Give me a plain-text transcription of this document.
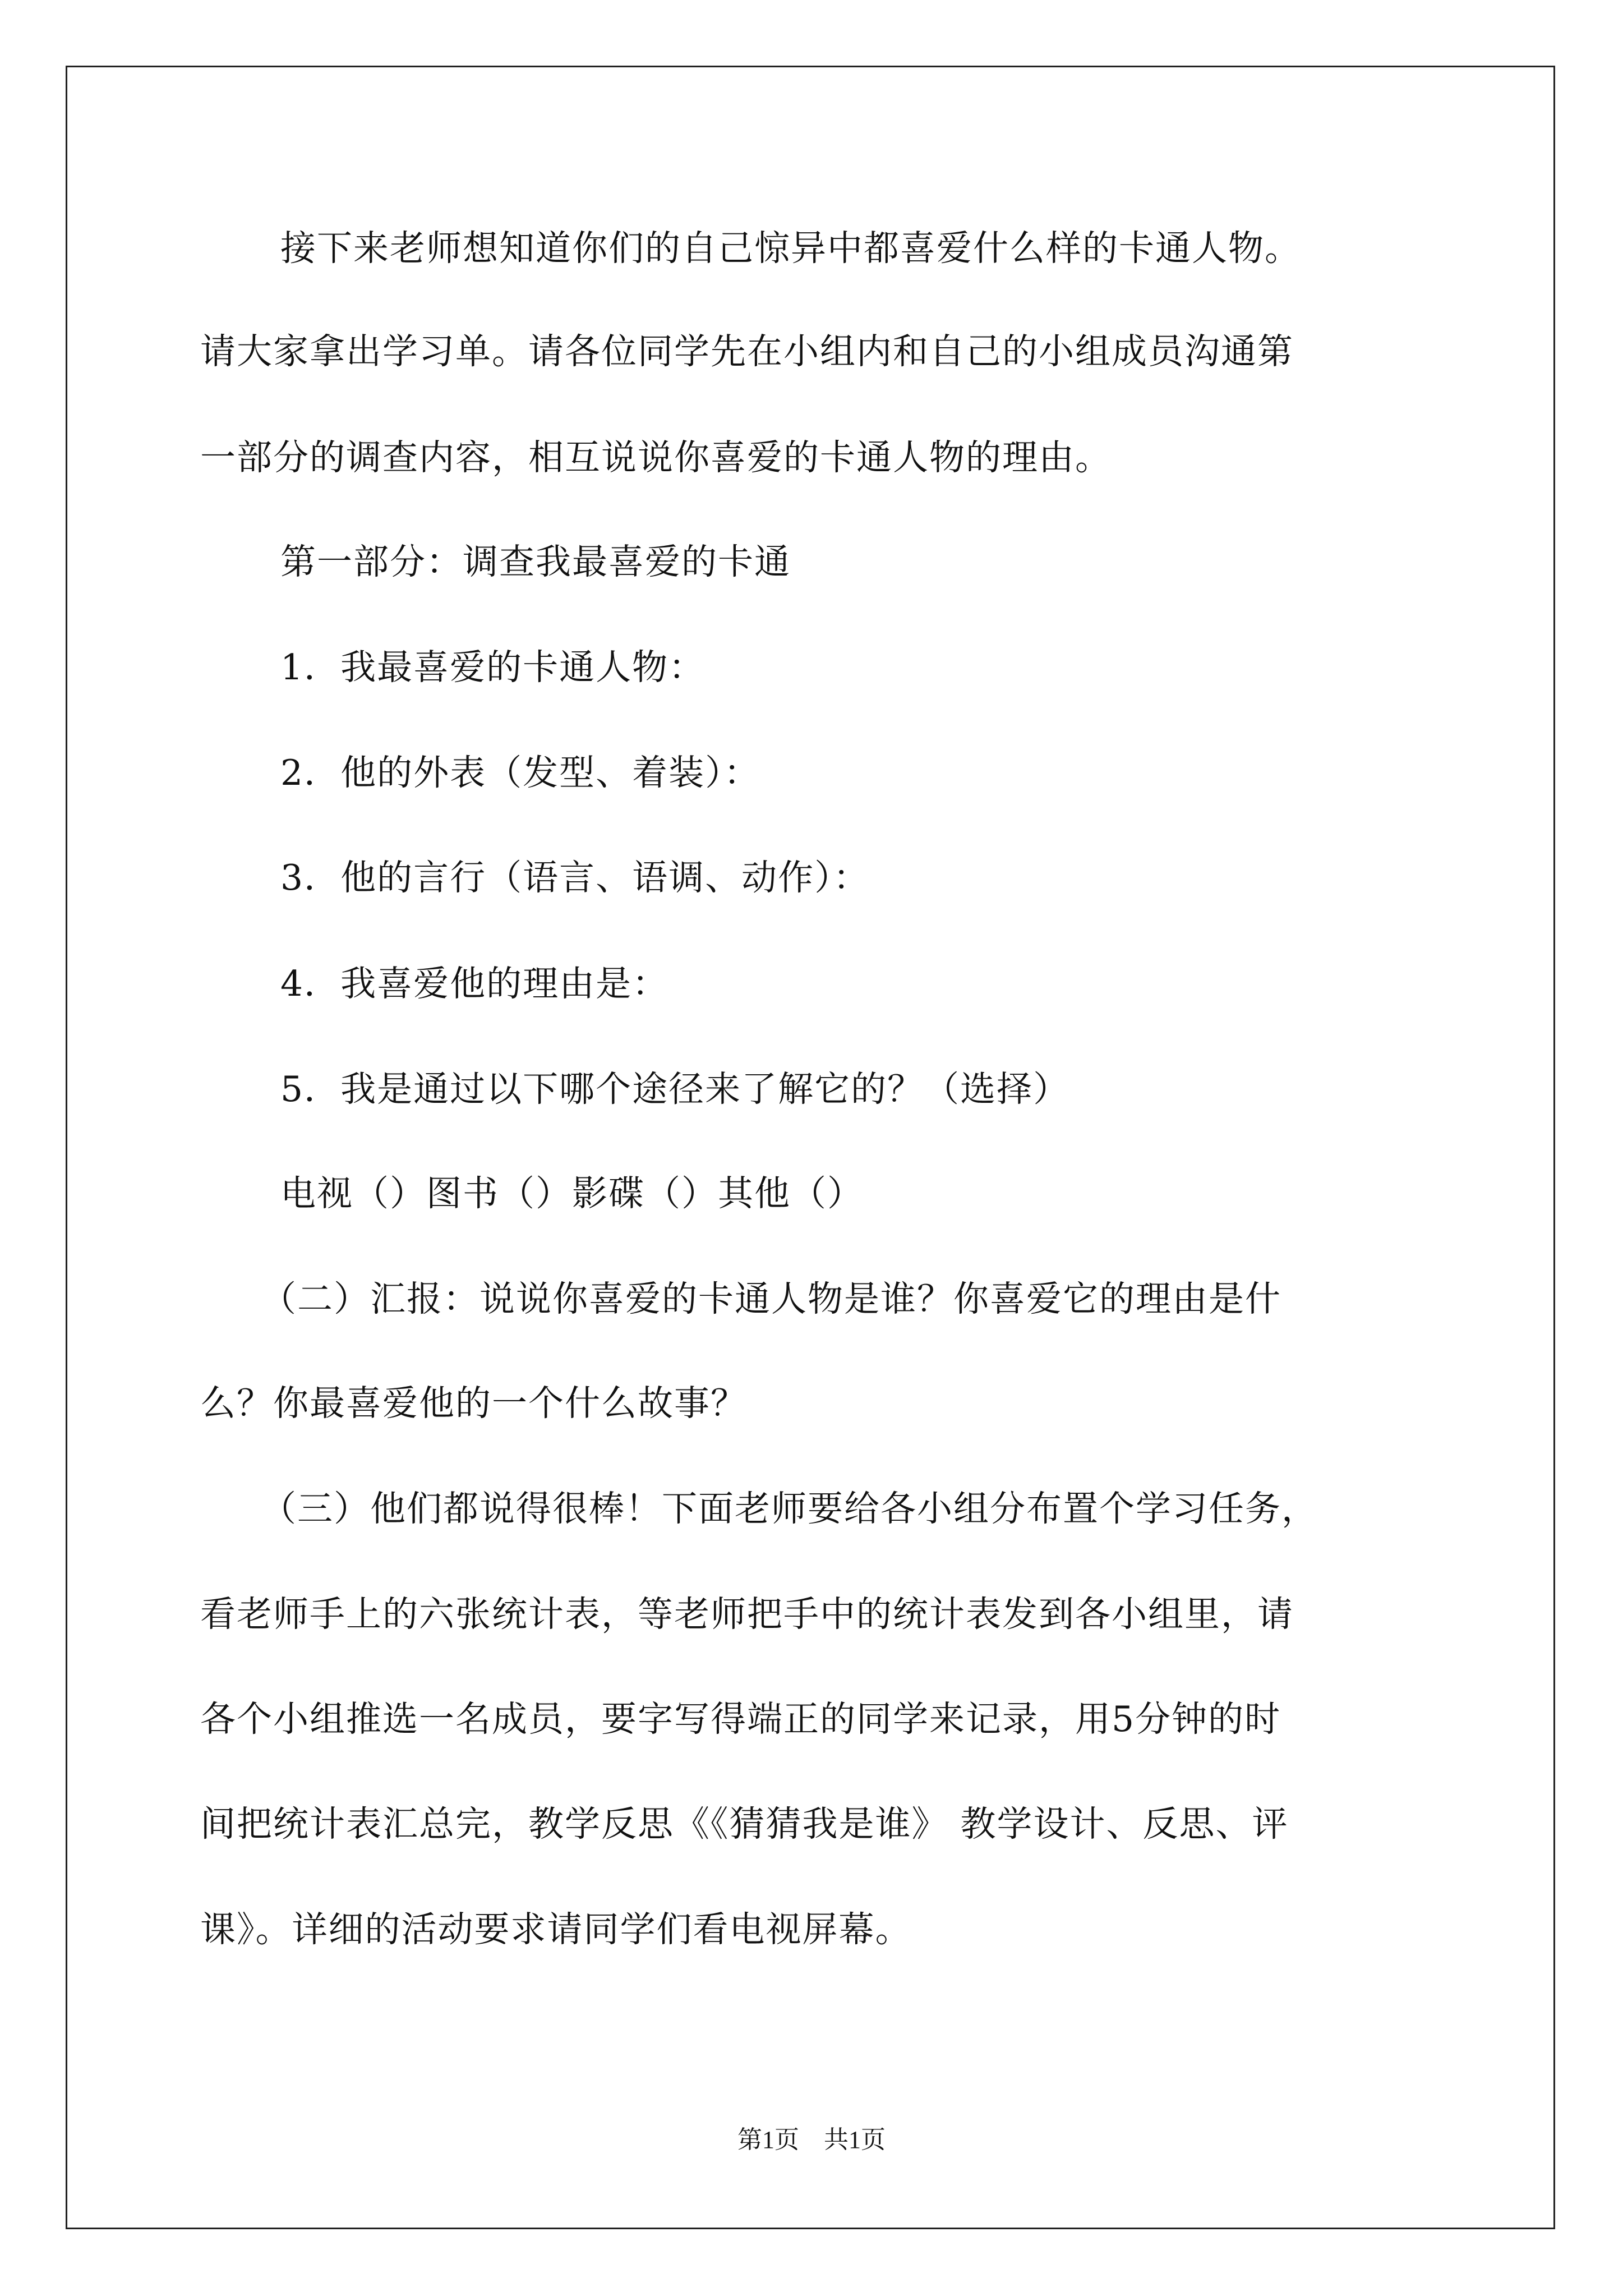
接下来老师想知道你们的自己惊异中都喜爱什么样的卡通人物。
请大家拿出学习单。请各位同学先在小组内和自己的小组成员沟通第
一部分的调查内容，相互说说你喜爱的卡通人物的理由。
第一部分：调查我最喜爱的卡通
1．我最喜爱的卡通人物：
2．他的外表（发型、着装）：
3．他的言行（语言、语调、动作）：
4．我喜爱他的理由是：
5．我是通过以下哪个途径来了解它的？（选择）
电视（）图书（）影碟（）其他（）
（二）汇报：说说你喜爱的卡通人物是谁？你喜爱它的理由是什
么？你最喜爱他的一个什么故事？
（三）他们都说得很棒！下面老师要给各小组分布置个学习任务，
看老师手上的六张统计表，等老师把手中的统计表发到各小组里，请
各个小组推选一名成员，要字写得端正的同学来记录，用5分钟的时
间把统计表汇总完，教学反思《《猜猜我是谁》 教学设计、反思、评
课》。详细的活动要求请同学们看电视屏幕。
第1页　共1页
